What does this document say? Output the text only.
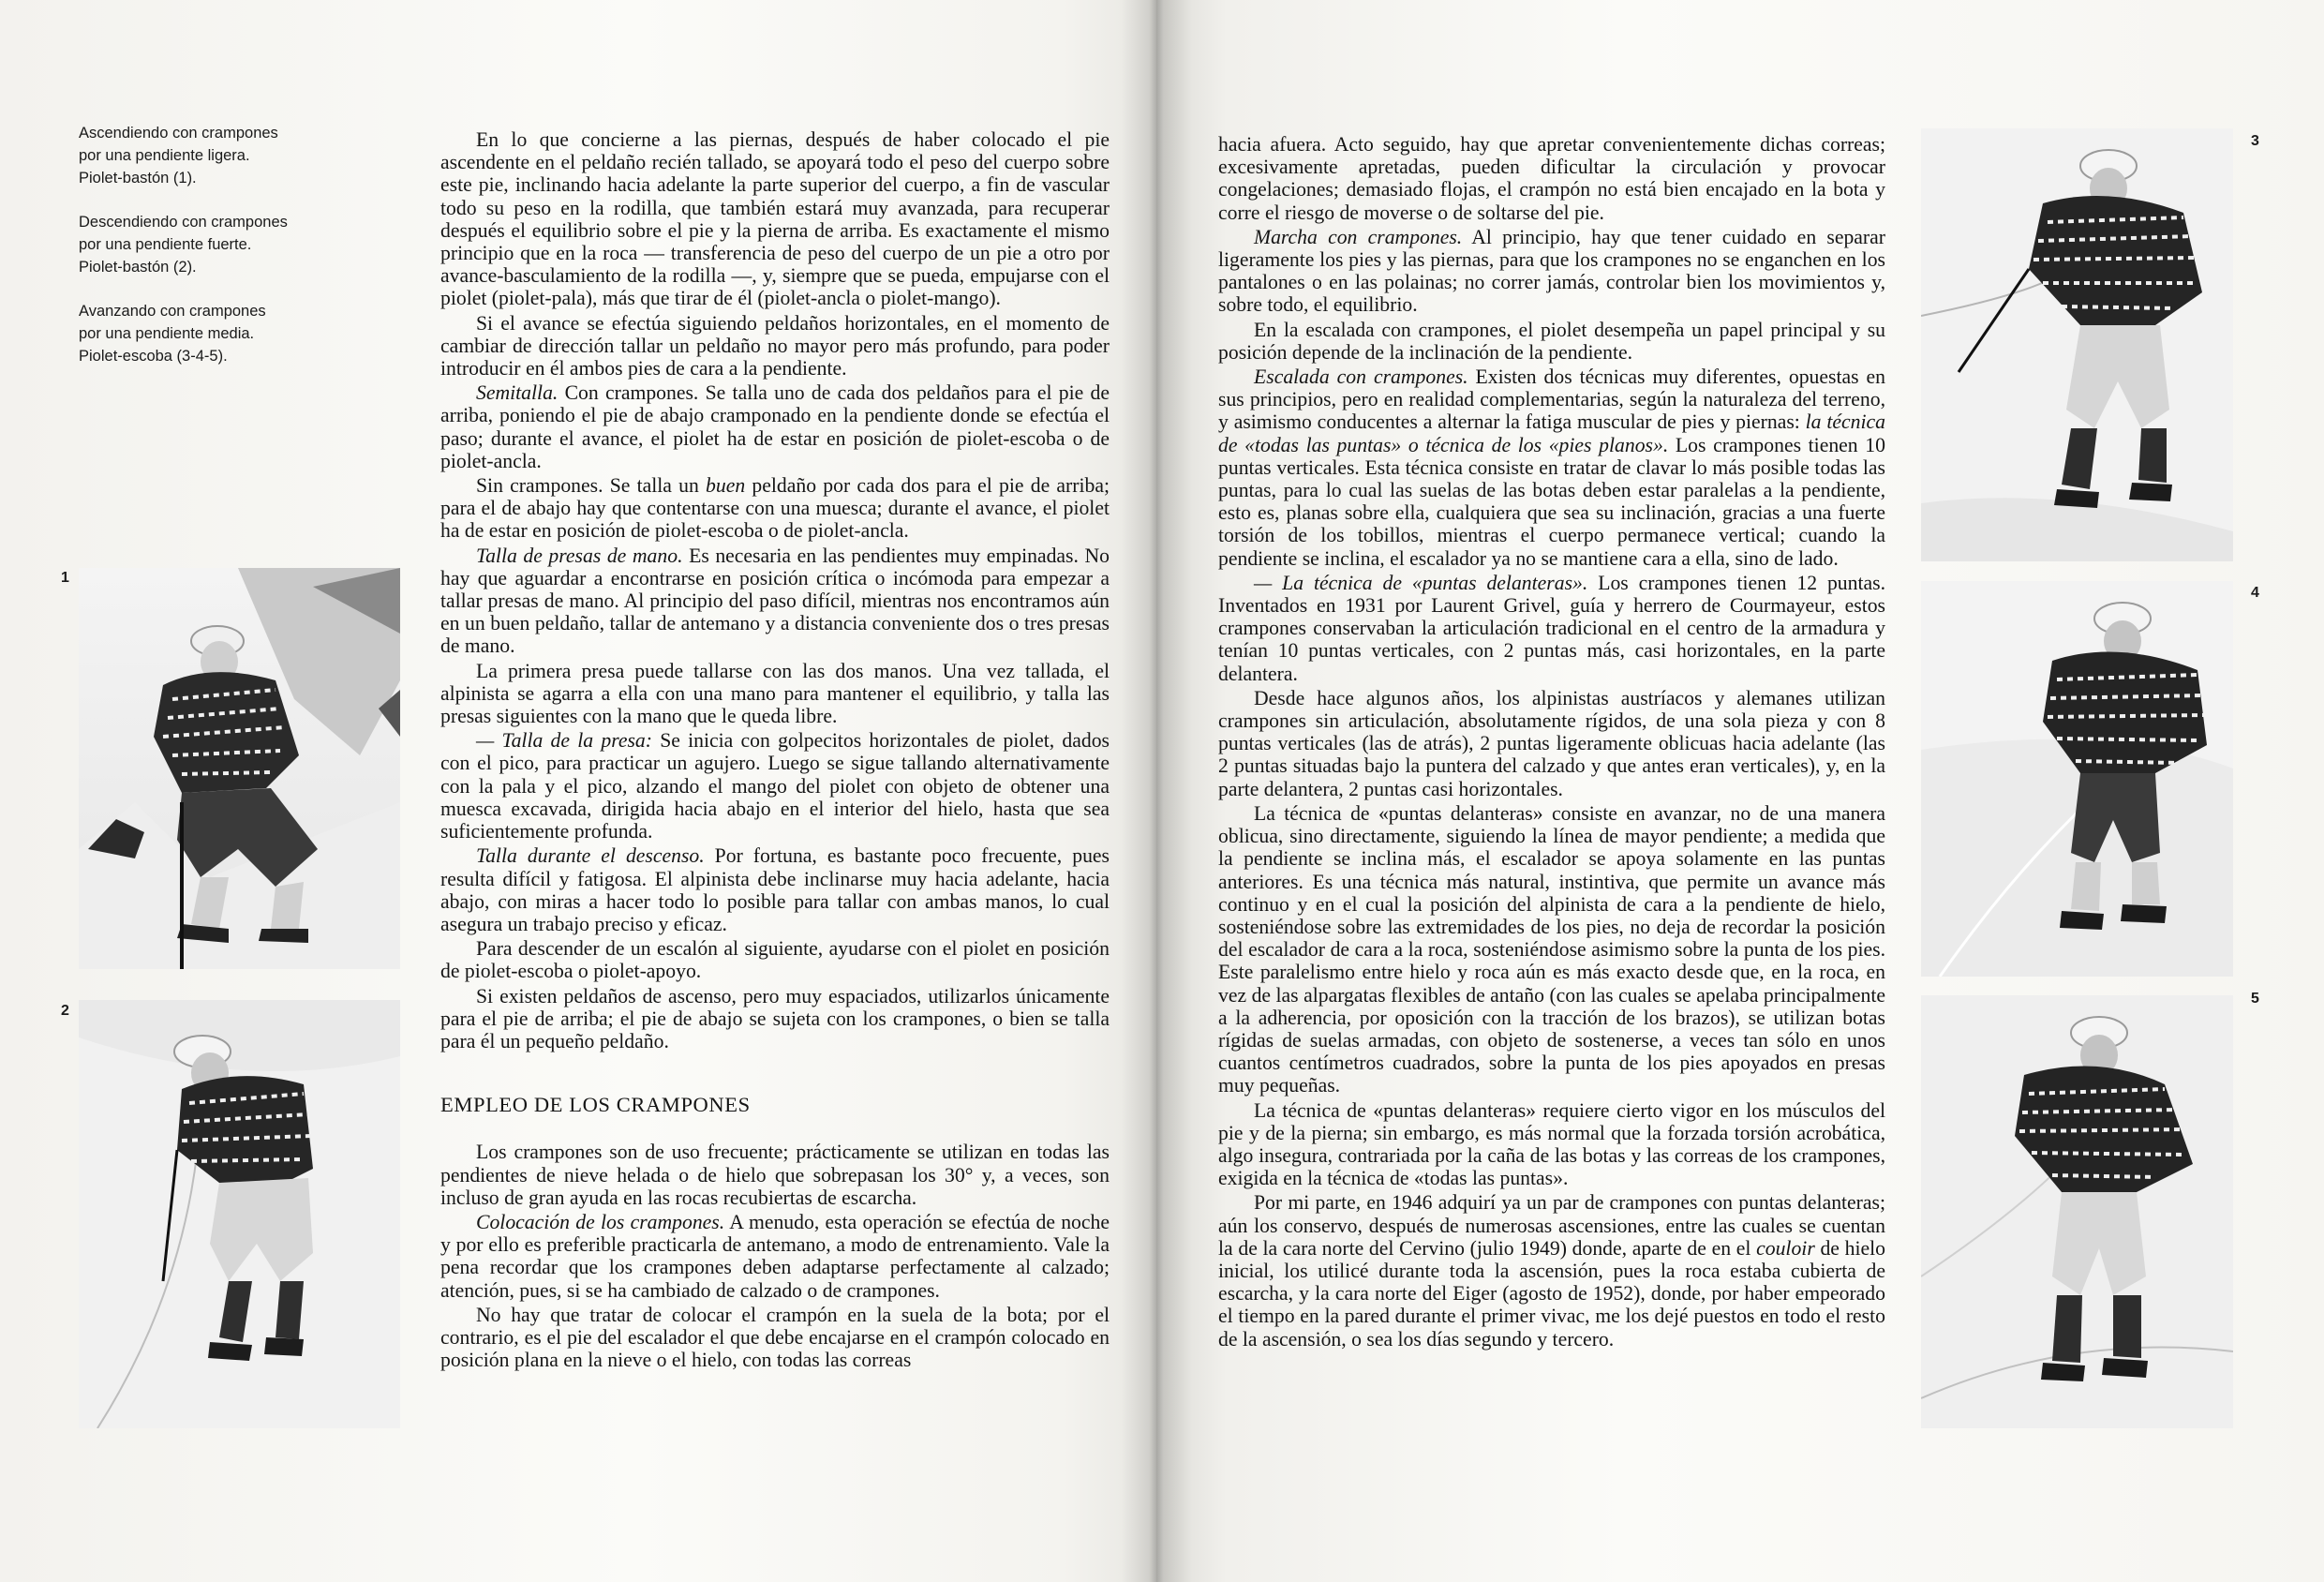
Ascendiendo con crampones
por una pendiente ligera.
Piolet-bastón (1).

Descendiendo con crampones
por una pendiente fuerte.
Piolet-bastón (2).

Avanzando con crampones
por una pendiente media.
Piolet-escoba (3-4-5).

1
2
3
4
5

En lo que concierne a las piernas, después de haber colocado el pie ascendente en el peldaño recién tallado, se apoyará todo el peso del cuerpo sobre este pie, inclinando hacia adelante la parte superior del cuerpo, a fin de vascular todo su peso en la rodilla, que también estará muy avanzada, para recuperar después el equilibrio sobre el pie y la pierna de arriba. Es exactamente el mismo principio que en la roca — transferencia de peso del cuerpo de un pie a otro por avance-basculamiento de la rodilla —, y, siempre que se pueda, empujarse con el piolet (piolet-pala), más que tirar de él (piolet-ancla o piolet-mango).

Si el avance se efectúa siguiendo peldaños horizontales, en el momento de cambiar de dirección tallar un peldaño no mayor pero más profundo, para poder introducir en él ambos pies de cara a la pendiente.

Semitalla. Con crampones. Se talla uno de cada dos peldaños para el pie de arriba, poniendo el pie de abajo cramponado en la pendiente donde se efectúa el paso; durante el avance, el piolet ha de estar en posición de piolet-escoba o de piolet-ancla.

Sin crampones. Se talla un buen peldaño por cada dos para el pie de arriba; para el de abajo hay que contentarse con una muesca; durante el avance, el piolet ha de estar en posición de piolet-escoba o de piolet-ancla.

Talla de presas de mano. Es necesaria en las pendientes muy empinadas. No hay que aguardar a encontrarse en posición crítica o incómoda para empezar a tallar presas de mano. Al principio del paso difícil, mientras nos encontramos aún en un buen peldaño, tallar de antemano y a distancia conveniente dos o tres presas de mano.

La primera presa puede tallarse con las dos manos. Una vez tallada, el alpinista se agarra a ella con una mano para mantener el equilibrio, y talla las presas siguientes con la mano que le queda libre.

— Talla de la presa: Se inicia con golpecitos horizontales de piolet, dados con el pico, para practicar un agujero. Luego se sigue tallando alternativamente con la pala y el pico, alzando el mango del piolet con objeto de obtener una muesca excavada, dirigida hacia abajo en el interior del hielo, hasta que sea suficientemente profunda.

Talla durante el descenso. Por fortuna, es bastante poco frecuente, pues resulta difícil y fatigosa. El alpinista debe inclinarse muy hacia adelante, hacia abajo, con miras a hacer todo lo posible para tallar con ambas manos, lo cual asegura un trabajo preciso y eficaz.

Para descender de un escalón al siguiente, ayudarse con el piolet en posición de piolet-escoba o piolet-apoyo.

Si existen peldaños de ascenso, pero muy espaciados, utilizarlos únicamente para el pie de arriba; el pie de abajo se sujeta con los crampones, o bien se talla para él un pequeño peldaño.

EMPLEO DE LOS CRAMPONES

Los crampones son de uso frecuente; prácticamente se utilizan en todas las pendientes de nieve helada o de hielo que sobrepasan los 30° y, a veces, son incluso de gran ayuda en las rocas recubiertas de escarcha.

Colocación de los crampones. A menudo, esta operación se efectúa de noche y por ello es preferible practicarla de antemano, a modo de entrenamiento. Vale la pena recordar que los crampones deben adaptarse perfectamente al calzado; atención, pues, si se ha cambiado de calzado o de crampones.

No hay que tratar de colocar el crampón en la suela de la bota; por el contrario, es el pie del escalador el que debe encajarse en el crampón colocado en posición plana en la nieve o el hielo, con todas las correas

hacia afuera. Acto seguido, hay que apretar convenientemente dichas correas; excesivamente apretadas, pueden dificultar la circulación y provocar congelaciones; demasiado flojas, el crampón no está bien encajado en la bota y corre el riesgo de moverse o de soltarse del pie.

Marcha con crampones. Al principio, hay que tener cuidado en separar ligeramente los pies y las piernas, para que los crampones no se enganchen en los pantalones o en las polainas; no correr jamás, controlar bien los movimientos y, sobre todo, el equilibrio.

En la escalada con crampones, el piolet desempeña un papel principal y su posición depende de la inclinación de la pendiente.

Escalada con crampones. Existen dos técnicas muy diferentes, opuestas en sus principios, pero en realidad complementarias, según la naturaleza del terreno, y asimismo conducentes a alternar la fatiga muscular de pies y piernas: la técnica de «todas las puntas» o técnica de los «pies planos». Los crampones tienen 10 puntas verticales. Esta técnica consiste en tratar de clavar lo más posible todas las puntas, para lo cual las suelas de las botas deben estar paralelas a la pendiente, esto es, planas sobre ella, cualquiera que sea su inclinación, gracias a una fuerte torsión de los tobillos, mientras el cuerpo permanece vertical; cuando la pendiente se inclina, el escalador ya no se mantiene cara a ella, sino de lado.

— La técnica de «puntas delanteras». Los crampones tienen 12 puntas. Inventados en 1931 por Laurent Grivel, guía y herrero de Courmayeur, estos crampones conservaban la articulación tradicional en el centro de la armadura y tenían 10 puntas verticales, con 2 puntas más, casi horizontales, en la parte delantera.

Desde hace algunos años, los alpinistas austríacos y alemanes utilizan crampones sin articulación, absolutamente rígidos, de una sola pieza y con 8 puntas verticales (las de atrás), 2 puntas ligeramente oblicuas hacia adelante (las 2 puntas situadas bajo la puntera del calzado y que antes eran verticales), y, en la parte delantera, 2 puntas casi horizontales.

La técnica de «puntas delanteras» consiste en avanzar, no de una manera oblicua, sino directamente, siguiendo la línea de mayor pendiente; a medida que la pendiente se inclina más, el escalador se apoya solamente en las puntas anteriores. Es una técnica más natural, instintiva, que permite un avance más continuo y en el cual la posición del alpinista de cara a la pendiente de hielo, sosteniéndose sobre las extremidades de los pies, no deja de recordar la posición del escalador de cara a la roca, sosteniéndose asimismo sobre la punta de los pies. Este paralelismo entre hielo y roca aún es más exacto desde que, en la roca, en vez de las alpargatas flexibles de antaño (con las cuales se apelaba principalmente a la adherencia, por oposición con la tracción de los brazos), se utilizan botas rígidas de suelas armadas, con objeto de sostenerse, a veces tan sólo en unos cuantos centímetros cuadrados, sobre la punta de los pies apoyados en presas muy pequeñas.

La técnica de «puntas delanteras» requiere cierto vigor en los músculos del pie y de la pierna; sin embargo, es más normal que la forzada torsión acrobática, algo insegura, contrariada por la caña de las botas y las correas de los crampones, exigida en la técnica de «todas las puntas».

Por mi parte, en 1946 adquirí ya un par de crampones con puntas delanteras; aún los conservo, después de numerosas ascensiones, entre las cuales se cuentan la de la cara norte del Cervino (julio 1949) donde, aparte de en el couloir de hielo inicial, los utilicé durante toda la ascensión, pues la roca estaba cubierta de escarcha, y la cara norte del Eiger (agosto de 1952), donde, por haber empeorado el tiempo en la pared durante el primer vivac, me los dejé puestos en todo el resto de la ascensión, o sea los días segundo y tercero.
